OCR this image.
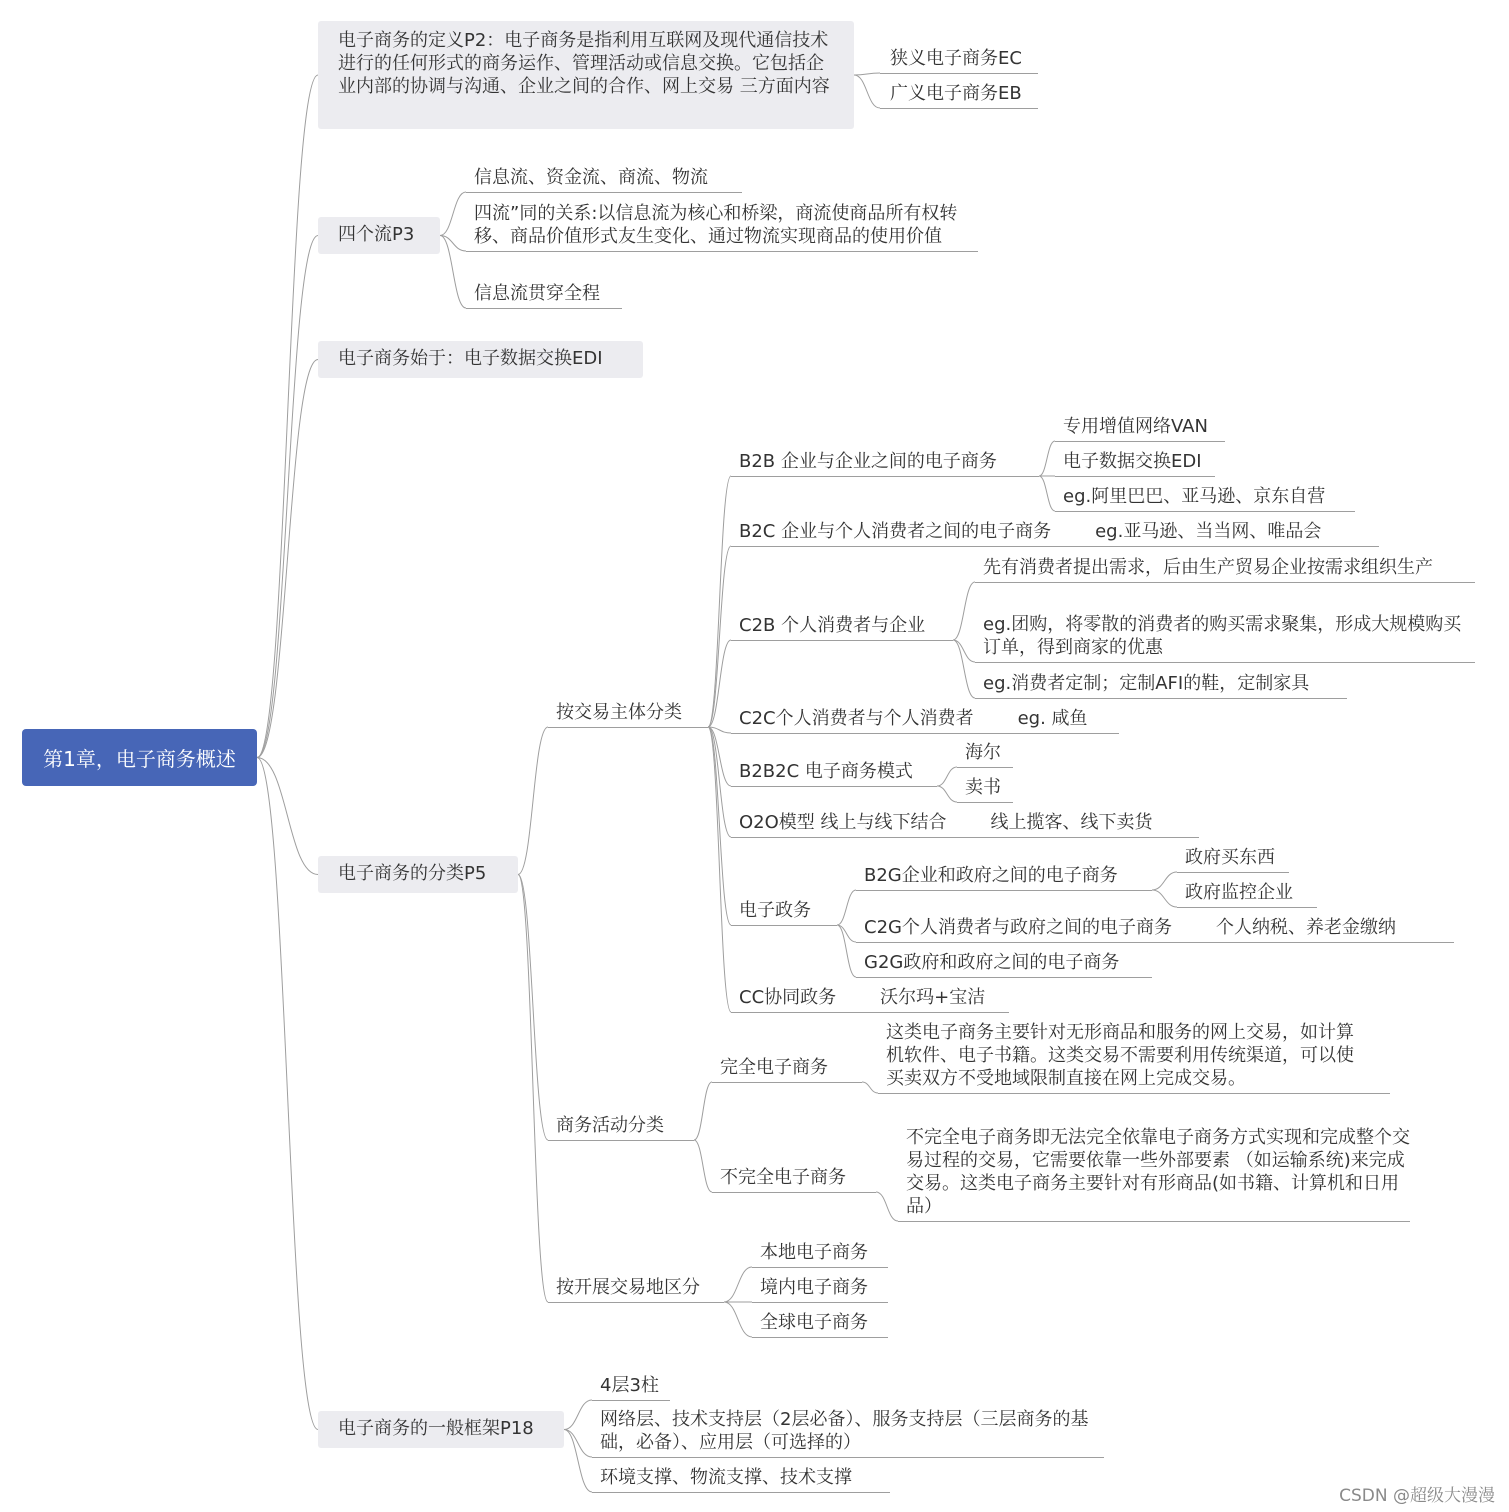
第1章，电子商务概述
电子商务的定义P2：电子商务是指利用互联网及现代通信技术进行的任何形式的商务运作、管理活动或信息交换。它包括企业内部的协调与沟通、企业之间的合作、网上交易 三方面内容
狭义电子商务EC
广义电子商务EB
四个流P3
信息流、资金流、商流、物流
四流”同的关系:以信息流为核心和桥梁，商流使商品所有权转移、商品价值形式友生变化、通过物流实现商品的使用价值
信息流贯穿全程
电子商务始于：电子数据交换EDI
电子商务的分类P5
按交易主体分类
B2B 企业与企业之间的电子商务
专用增值网络VAN
电子数据交换EDI
eg.阿里巴巴、亚马逊、京东自营
B2C 企业与个人消费者之间的电子商务 eg.亚马逊、当当网、唯品会
C2B 个人消费者与企业
先有消费者提出需求，后由生产贸易企业按需求组织生产
eg.团购，将零散的消费者的购买需求聚集，形成大规模购买订单，得到商家的优惠
eg.消费者定制；定制AFI的鞋，定制家具
C2C个人消费者与个人消费者 eg. 咸鱼
B2B2C 电子商务模式
海尔
卖书
O2O模型 线上与线下结合 线上揽客、线下卖货
电子政务
B2G企业和政府之间的电子商务
政府买东西
政府监控企业
C2G个人消费者与政府之间的电子商务 个人纳税、养老金缴纳
G2G政府和政府之间的电子商务
CC协同政务 沃尔玛+宝洁
商务活动分类
完全电子商务
这类电子商务主要针对无形商品和服务的网上交易，如计算机软件、电子书籍。这类交易不需要利用传统渠道，可以使买卖双方不受地域限制直接在网上完成交易。
不完全电子商务
不完全电子商务即无法完全依靠电子商务方式实现和完成整个交易过程的交易，它需要依靠一些外部要素 （如运输系统)来完成交易。这类电子商务主要针对有形商品(如书籍、计算机和日用品）
按开展交易地区分
本地电子商务
境内电子商务
全球电子商务
电子商务的一般框架P18
4层3柱
网络层、技术支持层（2层必备）、服务支持层（三层商务的基础，必备）、应用层（可选择的）
环境支撑、物流支撑、技术支撑
CSDN @超级大漫漫
